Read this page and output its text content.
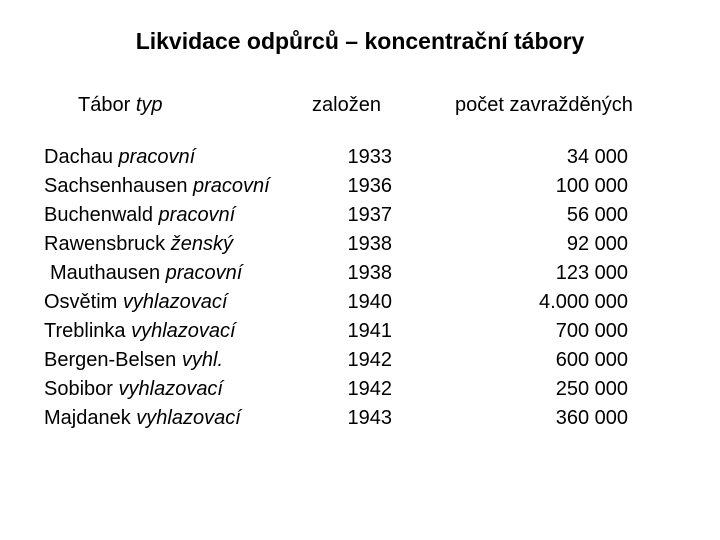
Likvidace odpůrců – koncentrační tábory
Tábor typ	založen	počet zavražděných
Dachau pracovní	1933	34 000
Sachsenhausen pracovní	1936	100 000
Buchenwald pracovní	1937	56 000
Rawensbruck ženský	1938	92 000
Mauthausen pracovní	1938	123 000
Osvětim vyhlazovací	1940	4.000 000
Treblinka vyhlazovací	1941	700 000
Bergen-Belsen vyhl.	1942	600 000
Sobibor vyhlazovací	1942	250 000
Majdanek vyhlazovací	1943	360 000
